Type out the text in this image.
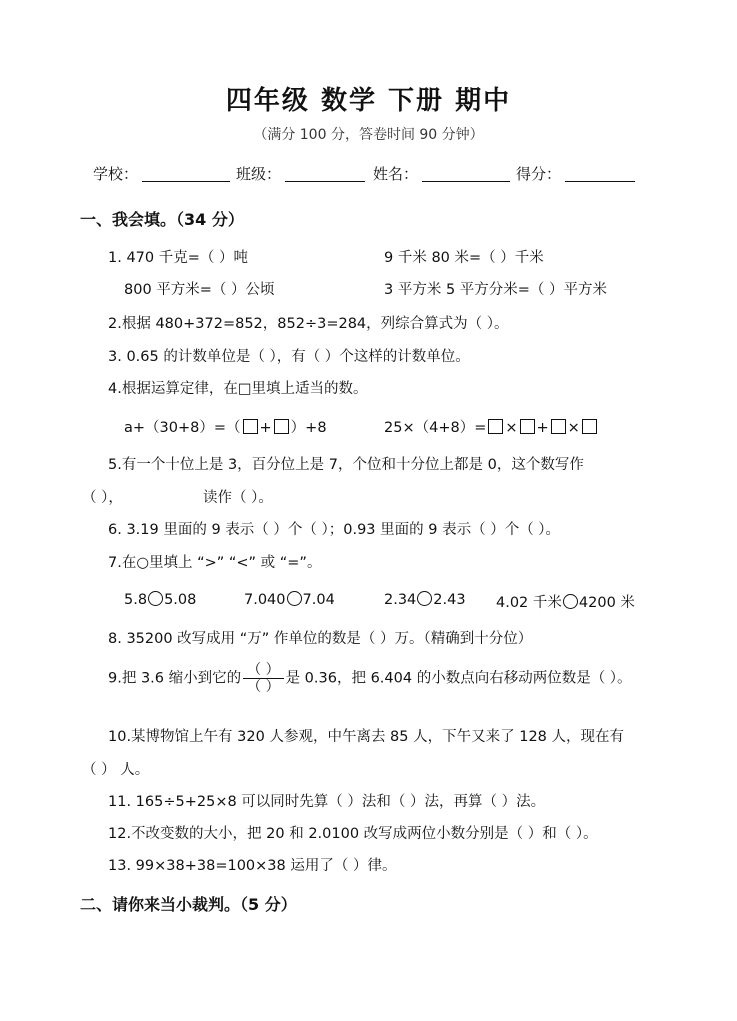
四年级 数学 下册 期中
（满分 100 分，答卷时间 90 分钟）
学校：	班级：	姓名：	得分：
一、我会填。（34 分）
1. 470 千克=（ ）吨	9 千米 80 米=（ ）千米
800 平方米=（ ）公顷	3 平方米 5 平方分米=（ ）平方米
2.根据 480+372=852，852÷3=284，列综合算式为（ ）。
3. 0.65 的计数单位是（ ），有（ ）个这样的计数单位。
4.根据运算定律，在□里填上适当的数。
a+（30+8）=（ + ）+8	25×（4+8）= × + ×
5.有一个十位上是 3，百分位上是 7，个位和十分位上都是 0，这个数写作
（ ），	读作（ ）。
6. 3.19 里面的 9 表示（ ）个（ ）；0.93 里面的 9 表示（ ）个（ ）。
7.在○里填上 “>” “<” 或 “=”。
5.8 5.08	7.040 7.04	2.34 2.43 4.02 千米 4200 米
8. 35200 改写成用 “万” 作单位的数是（ ）万。（精确到十分位）
9.把 3.6 缩小到它的 $\frac{( )}{( )}$ 是 0.36，把 6.404 的小数点向右移动两位数是（ ）。
10.某博物馆上午有 320 人参观，中午离去 85 人，下午又来了 128 人，现在有
（ ） 人。
11. 165÷5+25×8 可以同时先算（ ）法和（ ）法，再算（ ）法。
12.不改变数的大小，把 20 和 2.0100 改写成两位小数分别是（ ）和（ ）。
13. 99×38+38=100×38 运用了（ ）律。
二、请你来当小裁判。（5 分）
